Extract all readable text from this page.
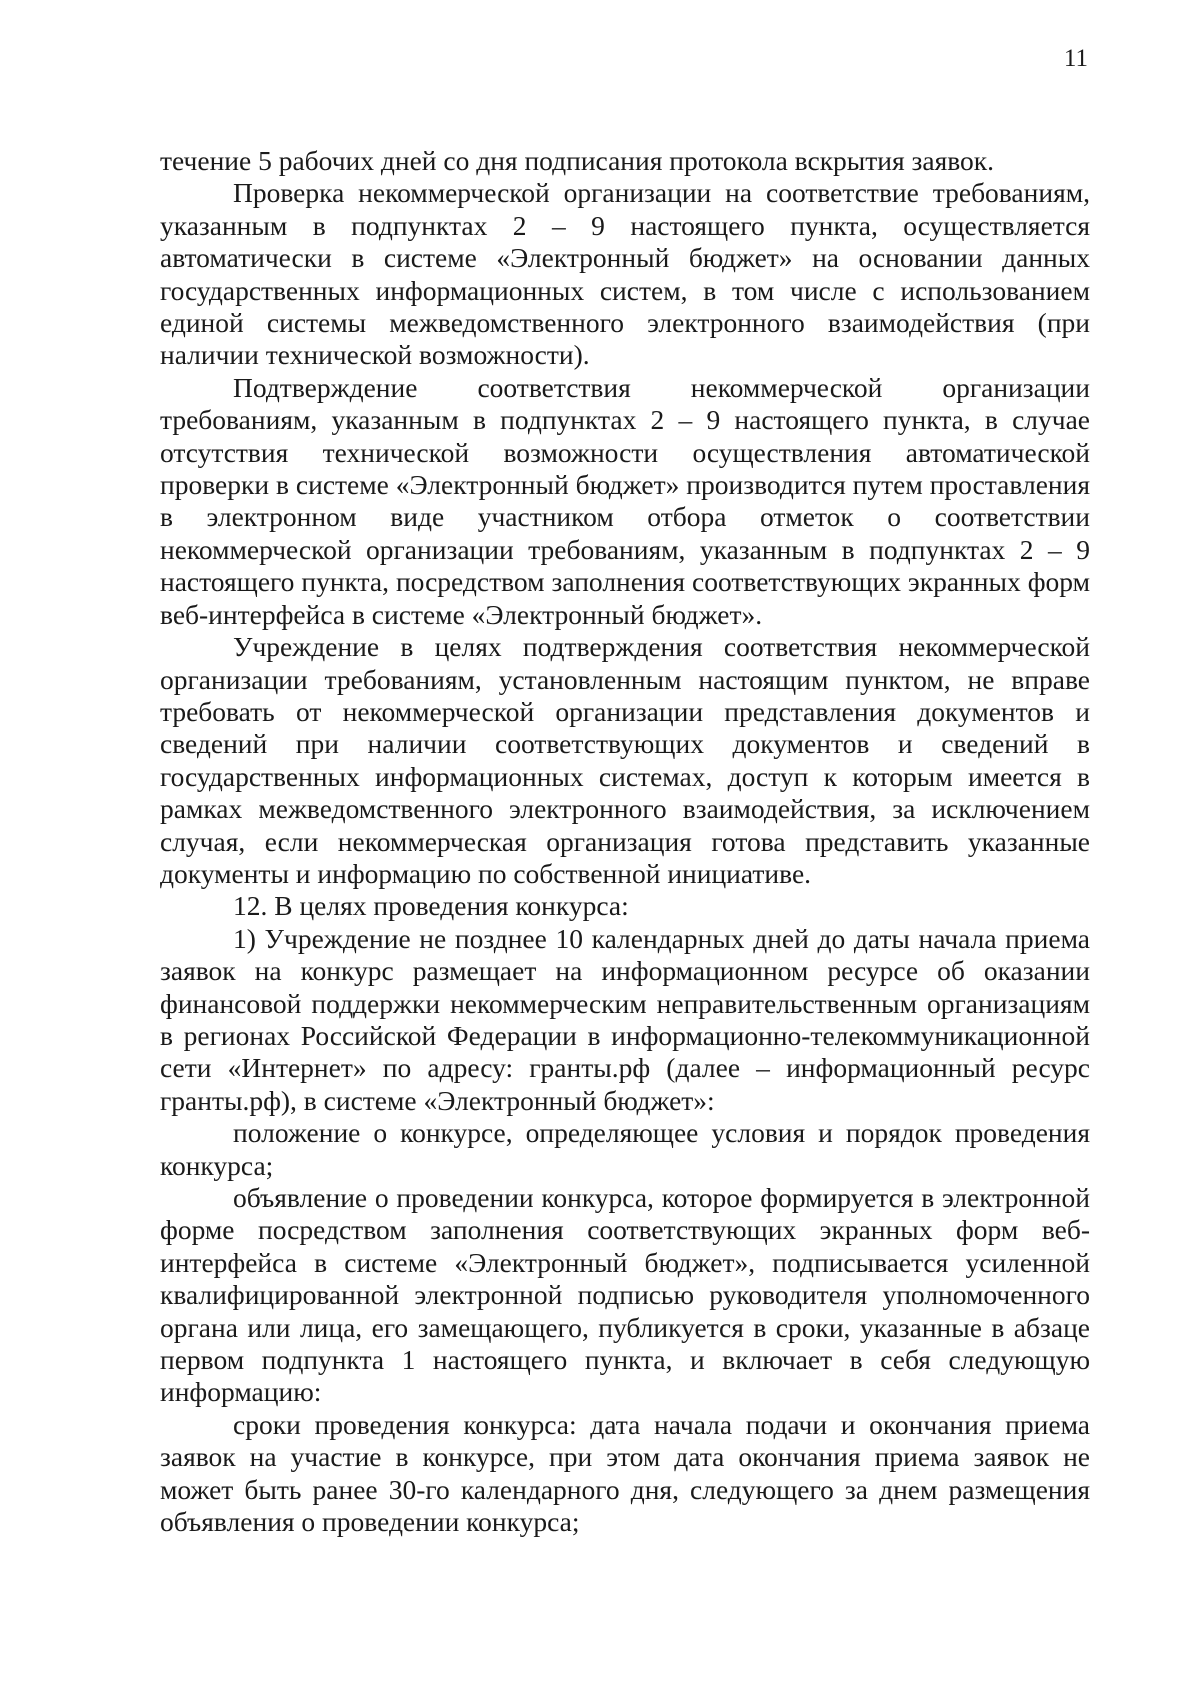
11

течение 5 рабочих дней со дня подписания протокола вскрытия заявок.

Проверка некоммерческой организации на соответствие требованиям, указанным в подпунктах 2 – 9 настоящего пункта, осуществляется автоматически в системе «Электронный бюджет» на основании данных государственных информационных систем, в том числе с использованием единой системы межведомственного электронного взаимодействия (при наличии технической возможности).

Подтверждение соответствия некоммерческой организации требованиям, указанным в подпунктах 2 – 9 настоящего пункта, в случае отсутствия технической возможности осуществления автоматической проверки в системе «Электронный бюджет» производится путем проставления в электронном виде участником отбора отметок о соответствии некоммерческой организации требованиям, указанным в подпунктах 2 – 9 настоящего пункта, посредством заполнения соответствующих экранных форм веб-интерфейса в системе «Электронный бюджет».

Учреждение в целях подтверждения соответствия некоммерческой организации требованиям, установленным настоящим пунктом, не вправе требовать от некоммерческой организации представления документов и сведений при наличии соответствующих документов и сведений в государственных информационных системах, доступ к которым имеется в рамках межведомственного электронного взаимодействия, за исключением случая, если некоммерческая организация готова представить указанные документы и информацию по собственной инициативе.

12. В целях проведения конкурса:

1) Учреждение не позднее 10 календарных дней до даты начала приема заявок на конкурс размещает на информационном ресурсе об оказании финансовой поддержки некоммерческим неправительственным организациям в регионах Российской Федерации в информационно-телекоммуникационной сети «Интернет» по адресу: гранты.рф (далее – информационный ресурс гранты.рф), в системе «Электронный бюджет»:

положение о конкурсе, определяющее условия и порядок проведения конкурса;

объявление о проведении конкурса, которое формируется в электронной форме посредством заполнения соответствующих экранных форм веб-интерфейса в системе «Электронный бюджет», подписывается усиленной квалифицированной электронной подписью руководителя уполномоченного органа или лица, его замещающего, публикуется в сроки, указанные в абзаце первом подпункта 1 настоящего пункта, и включает в себя следующую информацию:

сроки проведения конкурса: дата начала подачи и окончания приема заявок на участие в конкурсе, при этом дата окончания приема заявок не может быть ранее 30-го календарного дня, следующего за днем размещения объявления о проведении конкурса;
